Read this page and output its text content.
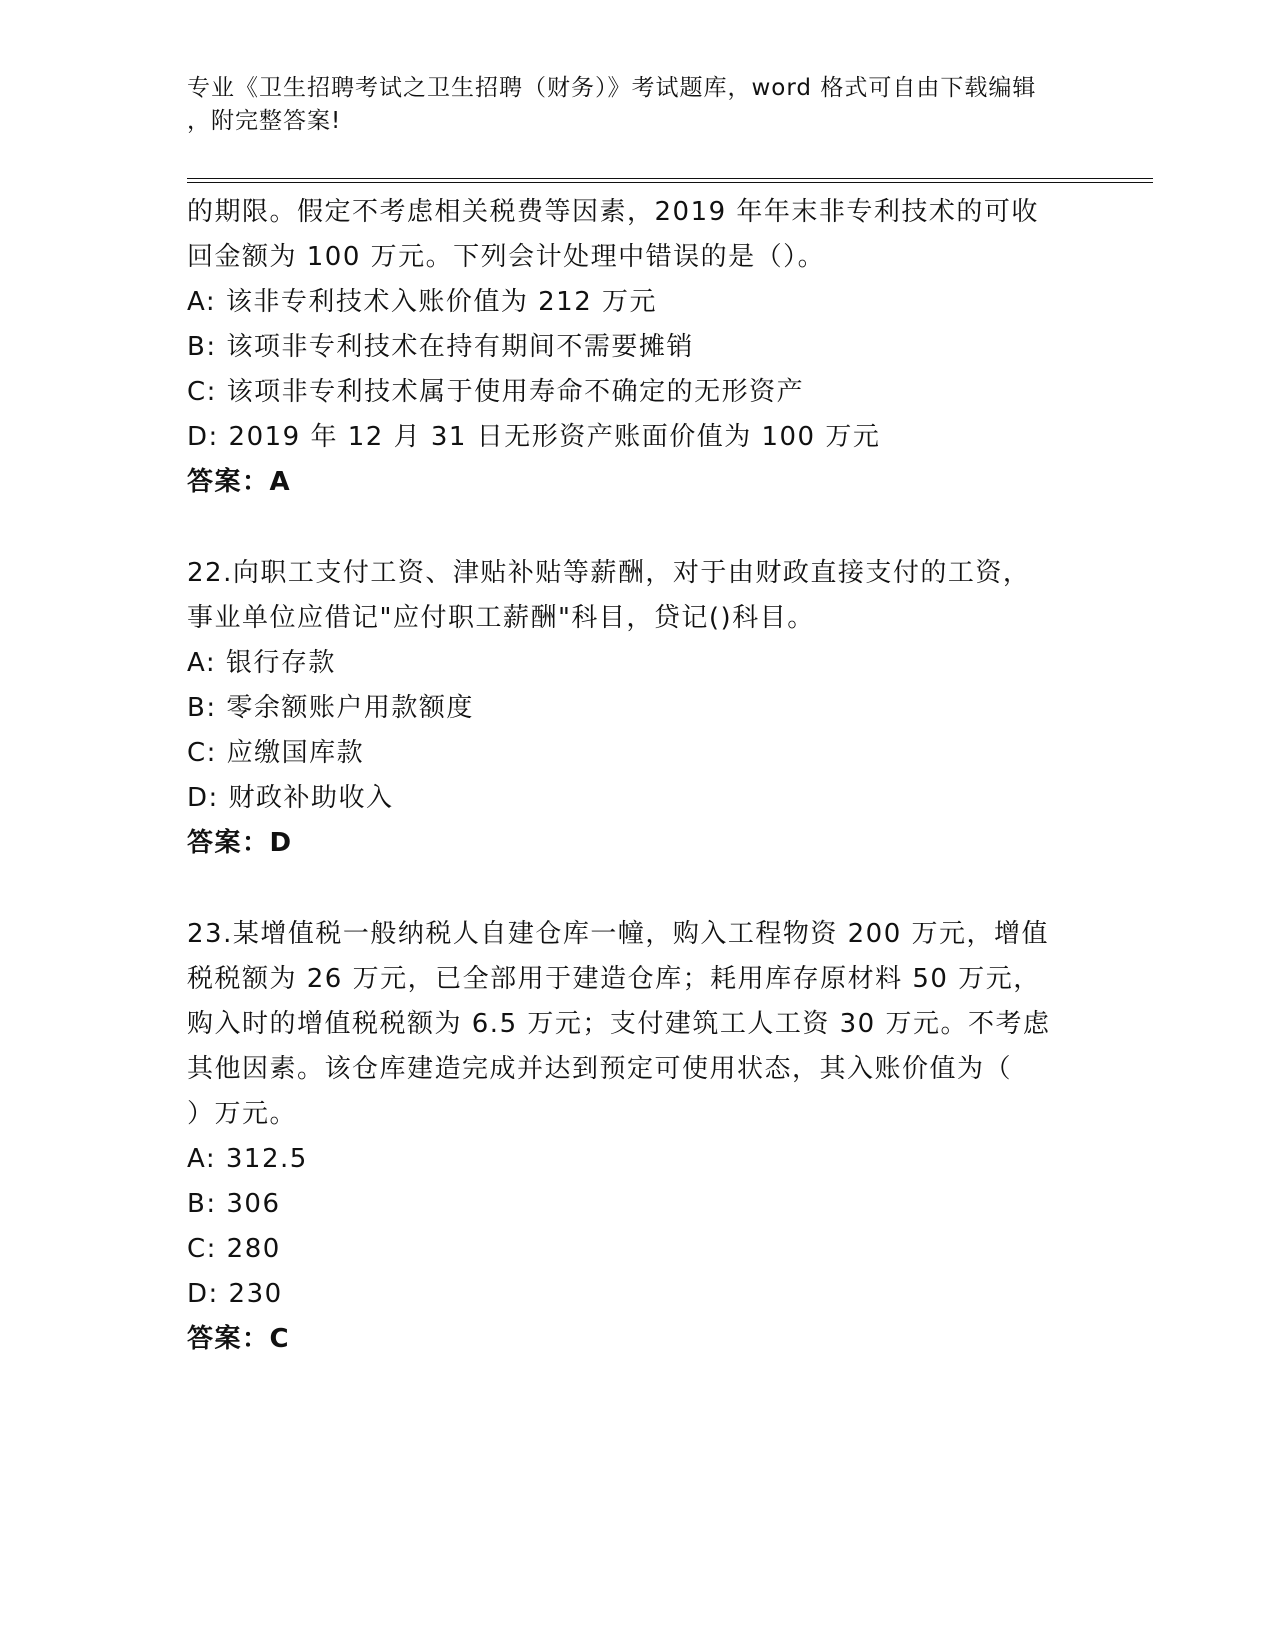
专业《卫生招聘考试之卫生招聘（财务）》考试题库，word 格式可自由下载编辑
，附完整答案!
的期限。假定不考虑相关税费等因素，2019 年年末非专利技术的可收
回金额为 100 万元。下列会计处理中错误的是（）。
A: 该非专利技术入账价值为 212 万元
B: 该项非专利技术在持有期间不需要摊销
C: 该项非专利技术属于使用寿命不确定的无形资产
D: 2019 年 12 月 31 日无形资产账面价值为 100 万元
答案：A
22.向职工支付工资、津贴补贴等薪酬，对于由财政直接支付的工资，
事业单位应借记"应付职工薪酬"科目，贷记()科目。
A: 银行存款
B: 零余额账户用款额度
C: 应缴国库款
D: 财政补助收入
答案：D
23.某增值税一般纳税人自建仓库一幢，购入工程物资 200 万元，增值
税税额为 26 万元，已全部用于建造仓库；耗用库存原材料 50 万元，
购入时的增值税税额为 6.5 万元；支付建筑工人工资 30 万元。不考虑
其他因素。该仓库建造完成并达到预定可使用状态，其入账价值为（
）万元。
A: 312.5
B: 306
C: 280
D: 230
答案：C
